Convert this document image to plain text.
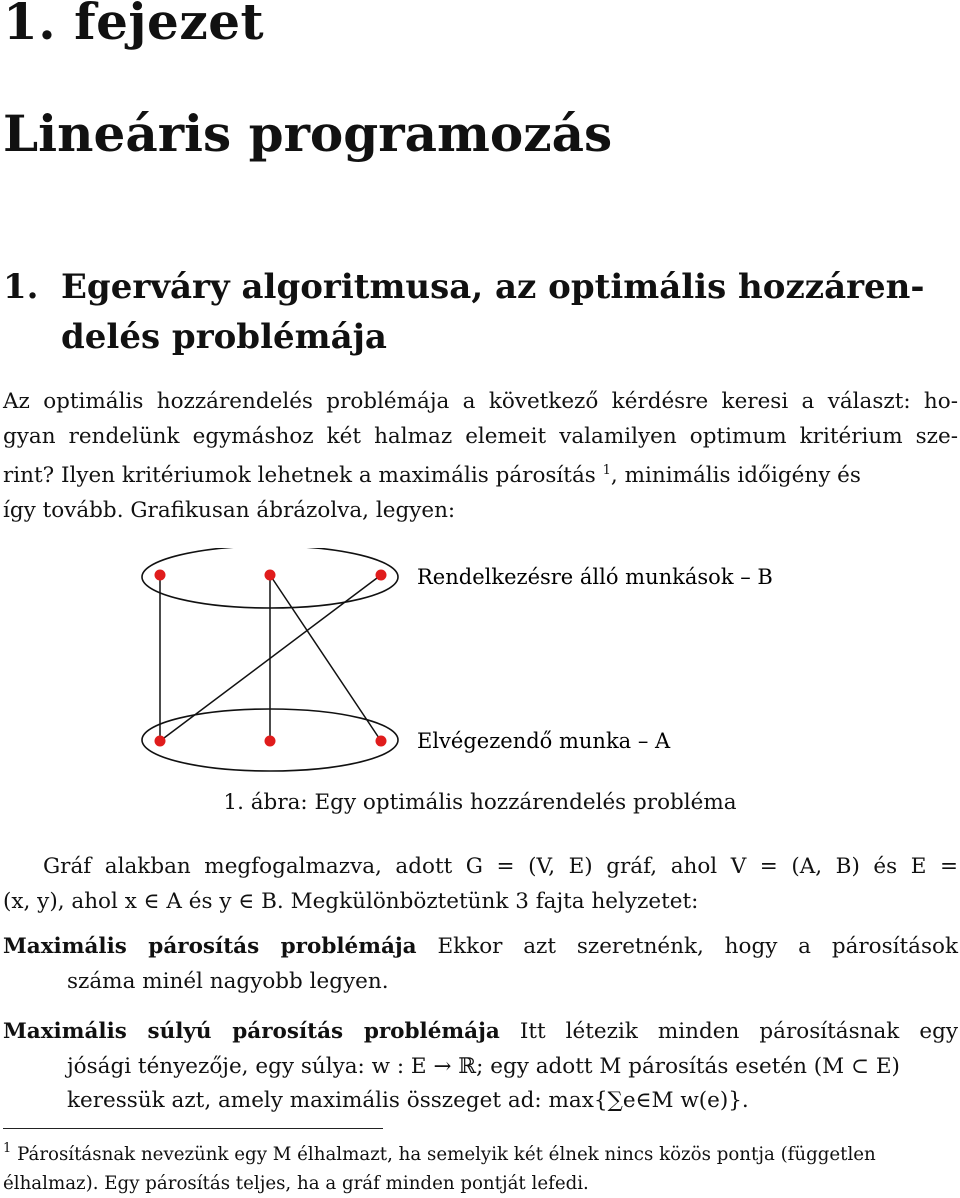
1. fejezet
Lineáris programozás
1. Egerváry algoritmusa, az optimális hozzáren-
delés problémája
Az optimális hozzárendelés problémája a következő kérdésre keresi a választ: ho-
gyan rendelünk egymáshoz két halmaz elemeit valamilyen optimum kritérium sze-
rint? Ilyen kritériumok lehetnek a maximális párosítás $^1$, minimális időigény és
így tovább. Grafikusan ábrázolva, legyen:
Rendelkezésre álló munkások – B
Elvégezendő munka – A
1. ábra: Egy optimális hozzárendelés probléma
Gráf alakban megfogalmazva, adott G = (V, E) gráf, ahol V = (A, B) és E =
(x, y), ahol x ∈ A és y ∈ B. Megkülönböztetünk 3 fajta helyzetet:
Maximális párosítás problémája Ekkor azt szeretnénk, hogy a párosítások
száma minél nagyobb legyen.
Maximális súlyú párosítás problémája Itt létezik minden párosításnak egy
jósági tényezője, egy súlya: w : E → ℝ; egy adott M párosítás esetén (M ⊂ E)
keressük azt, amely maximális összeget ad: max{∑e∈M w(e)}.
$^1$ Párosításnak nevezünk egy M élhalmazt, ha semelyik két élnek nincs közös pontja (független
élhalmaz). Egy párosítás teljes, ha a gráf minden pontját lefedi.
